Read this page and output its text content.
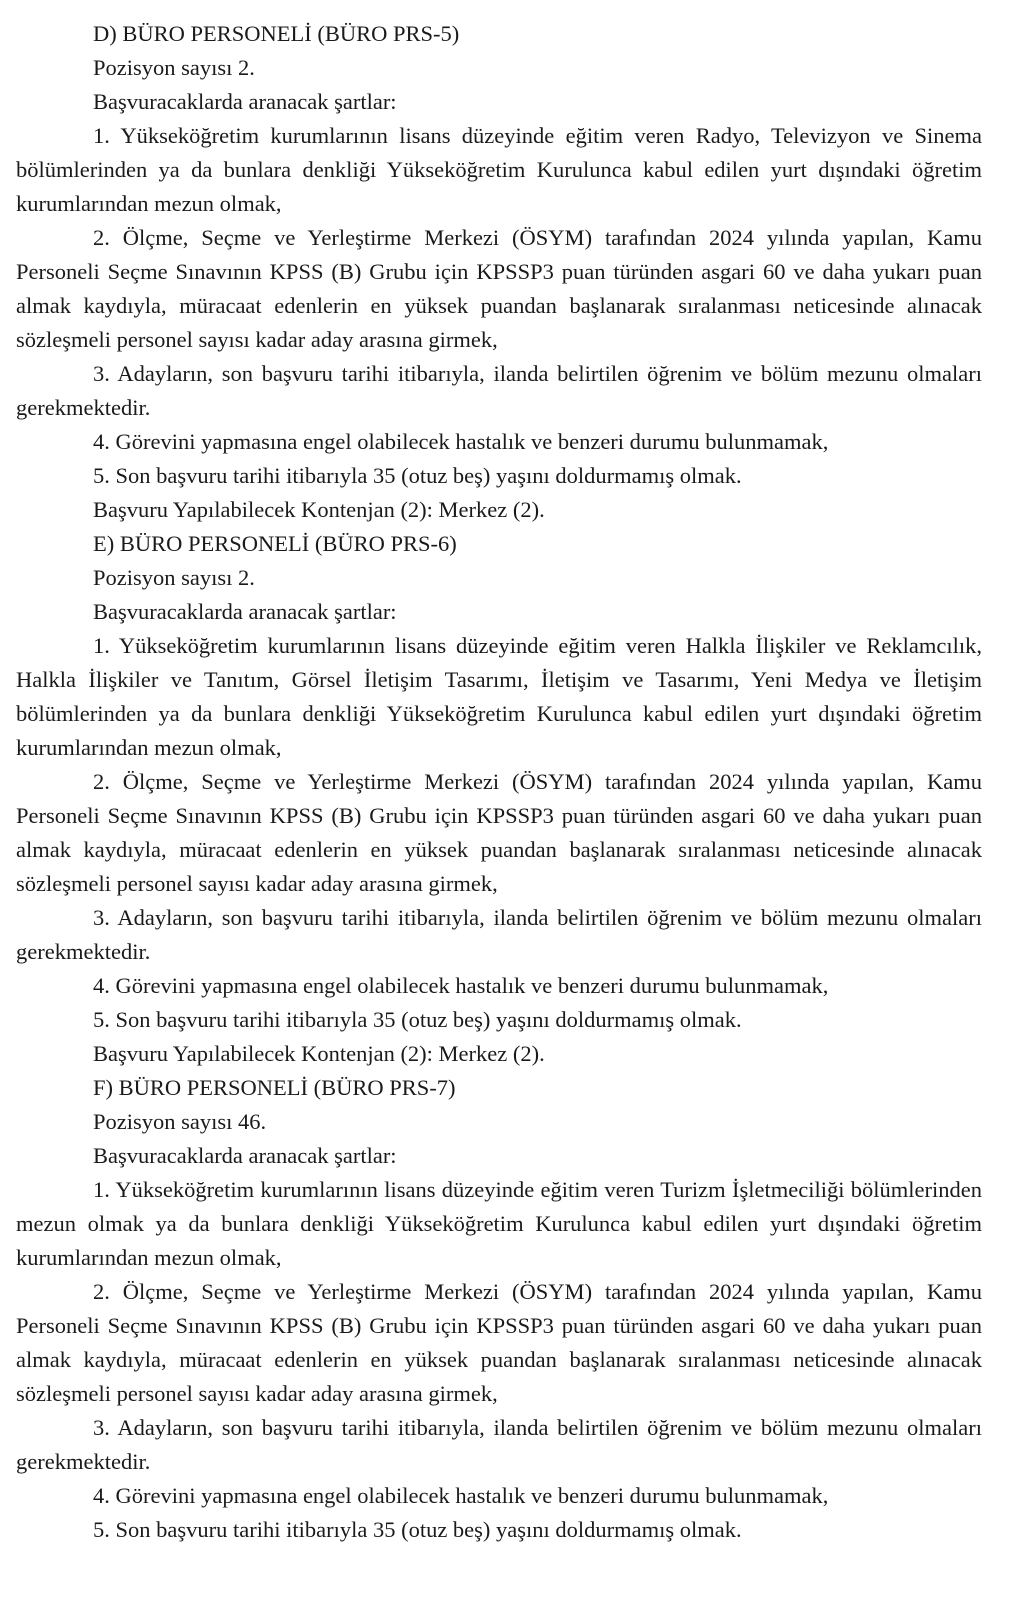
D) BÜRO PERSONELİ (BÜRO PRS-5)

Pozisyon sayısı 2.

Başvuracaklarda aranacak şartlar:

1. Yükseköğretim kurumlarının lisans düzeyinde eğitim veren Radyo, Televizyon ve Sinema bölümlerinden ya da bunlara denkliği Yükseköğretim Kurulunca kabul edilen yurt dışındaki öğretim kurumlarından mezun olmak,

2. Ölçme, Seçme ve Yerleştirme Merkezi (ÖSYM) tarafından 2024 yılında yapılan, Kamu Personeli Seçme Sınavının KPSS (B) Grubu için KPSSP3 puan türünden asgari 60 ve daha yukarı puan almak kaydıyla, müracaat edenlerin en yüksek puandan başlanarak sıralanması neticesinde alınacak sözleşmeli personel sayısı kadar aday arasına girmek,

3. Adayların, son başvuru tarihi itibarıyla, ilanda belirtilen öğrenim ve bölüm mezunu olmaları gerekmektedir.

4. Görevini yapmasına engel olabilecek hastalık ve benzeri durumu bulunmamak,

5. Son başvuru tarihi itibarıyla 35 (otuz beş) yaşını doldurmamış olmak.

Başvuru Yapılabilecek Kontenjan (2): Merkez (2).

E) BÜRO PERSONELİ (BÜRO PRS-6)

Pozisyon sayısı 2.

Başvuracaklarda aranacak şartlar:

1. Yükseköğretim kurumlarının lisans düzeyinde eğitim veren Halkla İlişkiler ve Reklamcılık, Halkla İlişkiler ve Tanıtım, Görsel İletişim Tasarımı, İletişim ve Tasarımı, Yeni Medya ve İletişim bölümlerinden ya da bunlara denkliği Yükseköğretim Kurulunca kabul edilen yurt dışındaki öğretim kurumlarından mezun olmak,

2. Ölçme, Seçme ve Yerleştirme Merkezi (ÖSYM) tarafından 2024 yılında yapılan, Kamu Personeli Seçme Sınavının KPSS (B) Grubu için KPSSP3 puan türünden asgari 60 ve daha yukarı puan almak kaydıyla, müracaat edenlerin en yüksek puandan başlanarak sıralanması neticesinde alınacak sözleşmeli personel sayısı kadar aday arasına girmek,

3. Adayların, son başvuru tarihi itibarıyla, ilanda belirtilen öğrenim ve bölüm mezunu olmaları gerekmektedir.

4. Görevini yapmasına engel olabilecek hastalık ve benzeri durumu bulunmamak,

5. Son başvuru tarihi itibarıyla 35 (otuz beş) yaşını doldurmamış olmak.

Başvuru Yapılabilecek Kontenjan (2): Merkez (2).

F) BÜRO PERSONELİ (BÜRO PRS-7)

Pozisyon sayısı 46.

Başvuracaklarda aranacak şartlar:

1. Yükseköğretim kurumlarının lisans düzeyinde eğitim veren Turizm İşletmeciliği bölümlerinden mezun olmak ya da bunlara denkliği Yükseköğretim Kurulunca kabul edilen yurt dışındaki öğretim kurumlarından mezun olmak,

2. Ölçme, Seçme ve Yerleştirme Merkezi (ÖSYM) tarafından 2024 yılında yapılan, Kamu Personeli Seçme Sınavının KPSS (B) Grubu için KPSSP3 puan türünden asgari 60 ve daha yukarı puan almak kaydıyla, müracaat edenlerin en yüksek puandan başlanarak sıralanması neticesinde alınacak sözleşmeli personel sayısı kadar aday arasına girmek,

3. Adayların, son başvuru tarihi itibarıyla, ilanda belirtilen öğrenim ve bölüm mezunu olmaları gerekmektedir.

4. Görevini yapmasına engel olabilecek hastalık ve benzeri durumu bulunmamak,

5. Son başvuru tarihi itibarıyla 35 (otuz beş) yaşını doldurmamış olmak.
